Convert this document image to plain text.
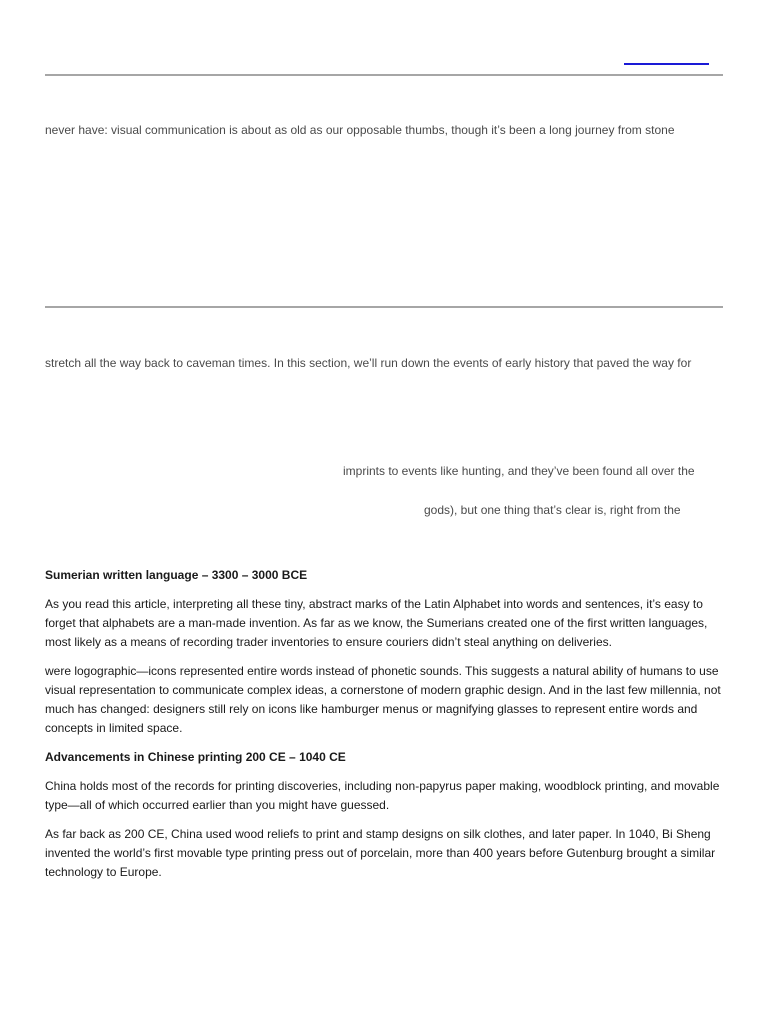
never have: visual communication is about as old as our opposable thumbs, though it’s been a long journey from stone
stretch all the way back to caveman times. In this section, we’ll run down the events of early history that paved the way for
imprints to events like hunting, and they’ve been found all over the
gods), but one thing that’s clear is, right from the

Sumerian written language – 3300 – 3000 BCE

As you read this article, interpreting all these tiny, abstract marks of the Latin Alphabet into words and sentences, it’s easy to forget that alphabets are a man-made invention. As far as we know, the Sumerians created one of the first written languages, most likely as a means of recording trader inventories to ensure couriers didn’t steal anything on deliveries.

were logographic—icons represented entire words instead of phonetic sounds. This suggests a natural ability of humans to use visual representation to communicate complex ideas, a cornerstone of modern graphic design. And in the last few millennia, not much has changed: designers still rely on icons like hamburger menus or magnifying glasses to represent entire words and concepts in limited space.

Advancements in Chinese printing 200 CE – 1040 CE

China holds most of the records for printing discoveries, including non-papyrus paper making, woodblock printing, and movable type—all of which occurred earlier than you might have guessed.

As far back as 200 CE, China used wood reliefs to print and stamp designs on silk clothes, and later paper. In 1040, Bi Sheng invented the world’s first movable type printing press out of porcelain, more than 400 years before Gutenburg brought a similar technology to Europe.
